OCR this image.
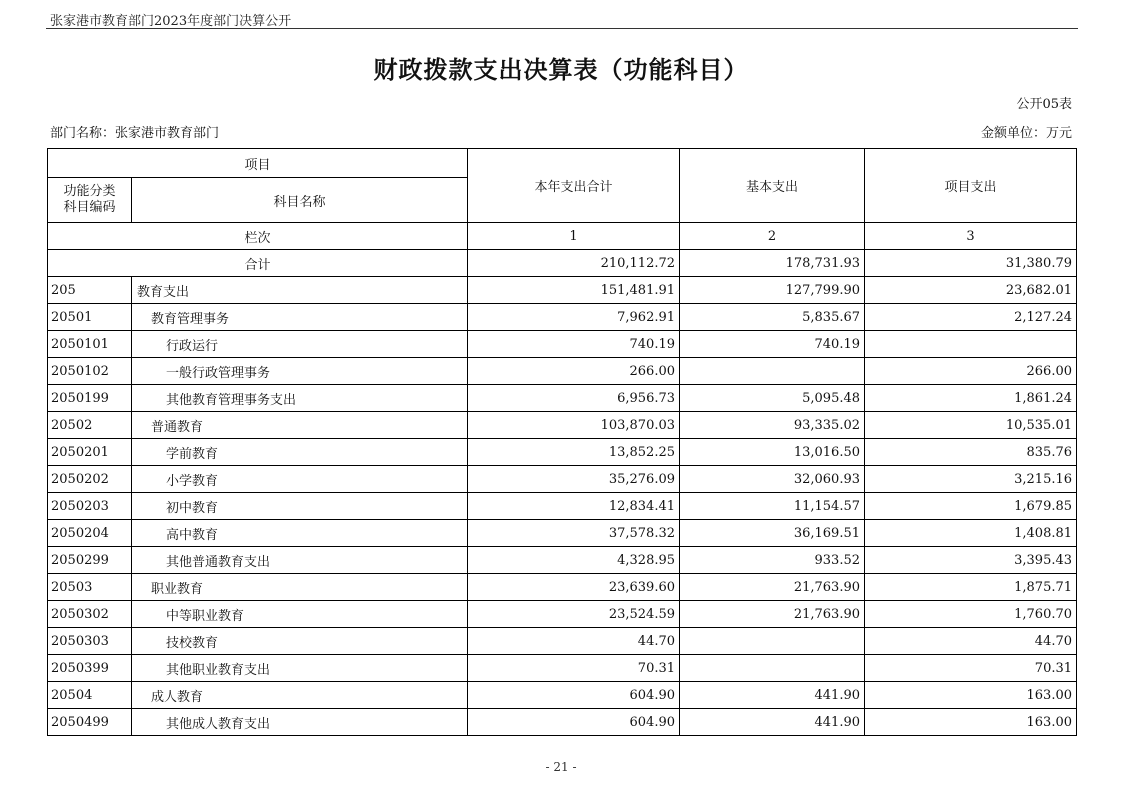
张家港市教育部门2023年度部门决算公开
财政拨款支出决算表（功能科目）
公开05表
部门名称：张家港市教育部门	金额单位：万元
项目		本年支出合计	基本支出	项目支出

功能分类
科目编码	科目名称			
栏次		1	2	3
合计		210,112.72	178,731.93	31,380.79
205	教育支出	151,481.91	127,799.90	23,682.01
20501	教育管理事务	7,962.91	5,835.67	2,127.24
2050101	行政运行	740.19	740.19	
2050102	一般行政管理事务	266.00		266.00
2050199	其他教育管理事务支出	6,956.73	5,095.48	1,861.24
20502	普通教育	103,870.03	93,335.02	10,535.01
2050201	学前教育	13,852.25	13,016.50	835.76
2050202	小学教育	35,276.09	32,060.93	3,215.16
2050203	初中教育	12,834.41	11,154.57	1,679.85
2050204	高中教育	37,578.32	36,169.51	1,408.81
2050299	其他普通教育支出	4,328.95	933.52	3,395.43
20503	职业教育	23,639.60	21,763.90	1,875.71
2050302	中等职业教育	23,524.59	21,763.90	1,760.70
2050303	技校教育	44.70		44.70
2050399	其他职业教育支出	70.31		70.31
20504	成人教育	604.90	441.90	163.00
2050499	其他成人教育支出	604.90	441.90	163.00
- 21 -
